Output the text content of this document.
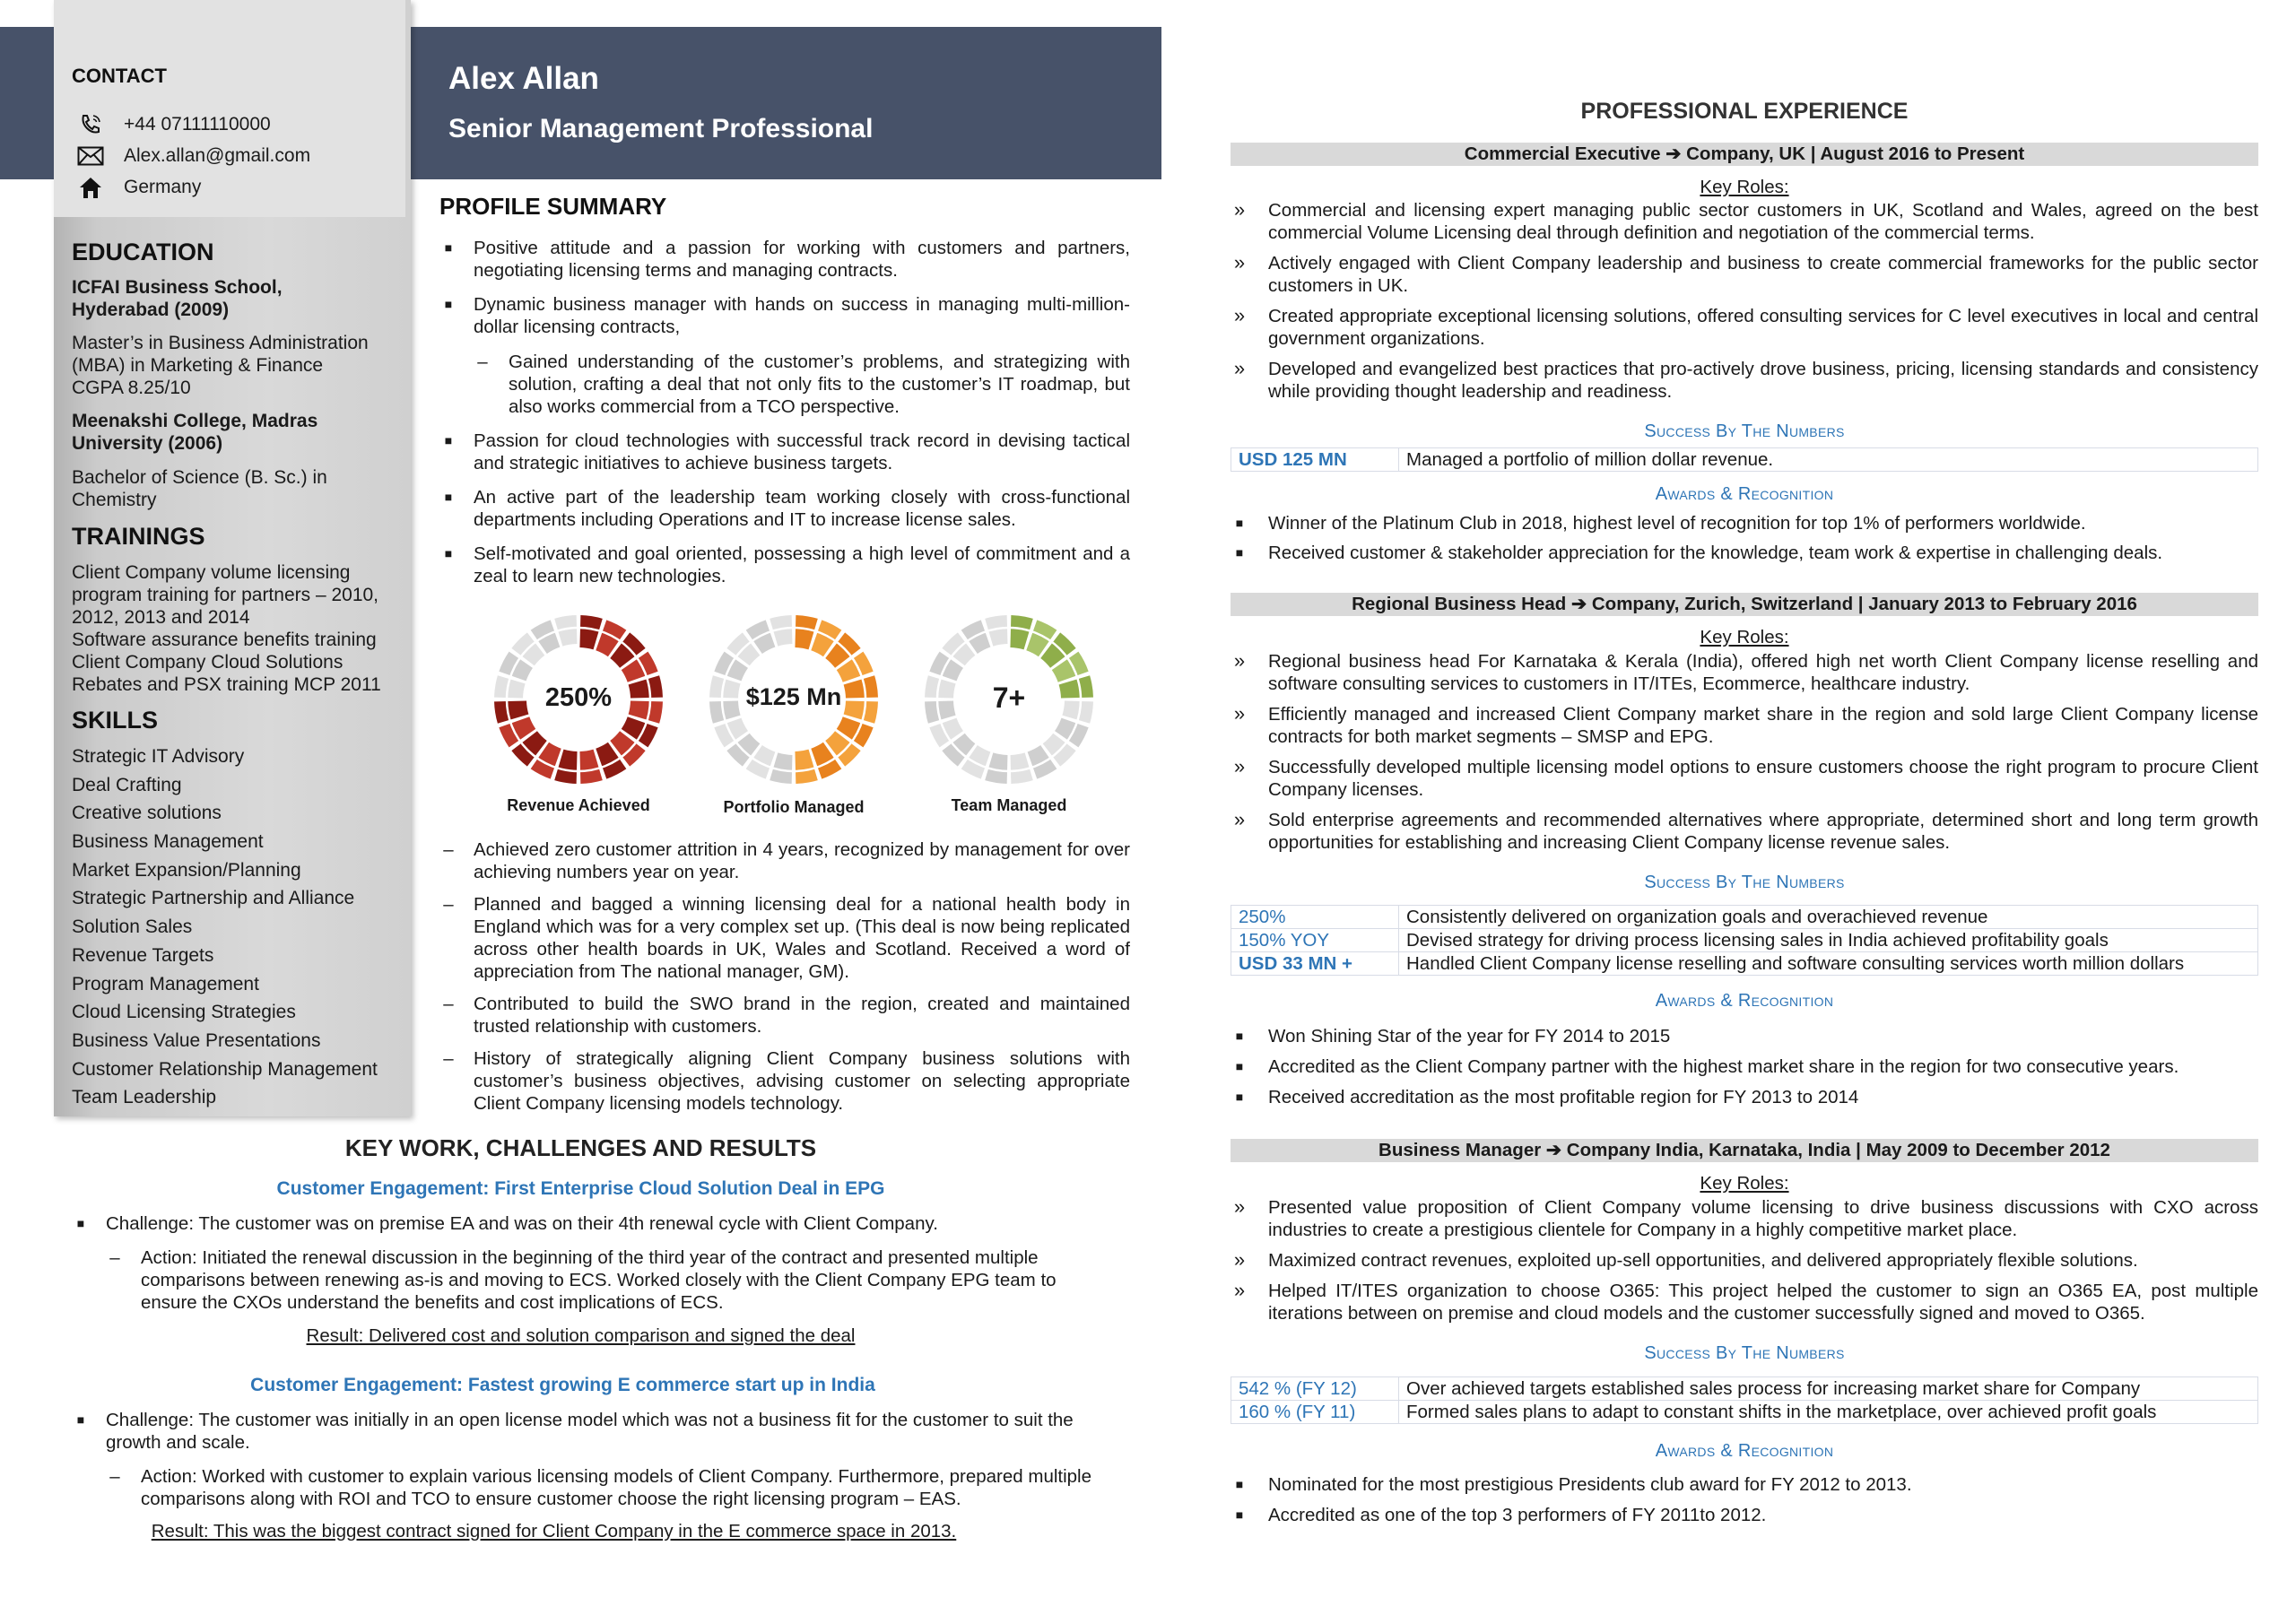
Alex Allan
Senior Management Professional
CONTACT
+44 07111110000
Alex.allan@gmail.com
Germany
EDUCATION
ICFAI Business School, Hyderabad (2009)
Master’s in Business Administration
(MBA) in Marketing & Finance
CGPA 8.25/10
Meenakshi College, Madras University (2006)
Bachelor of Science (B. Sc.) in
Chemistry
TRAININGS
Client Company volume licensing
program training for partners – 2010,
2012, 2013 and 2014
Software assurance benefits training
Client Company Cloud Solutions
Rebates and PSX training MCP 2011
SKILLS
Strategic IT Advisory
Deal Crafting
Creative solutions
Business Management
Market Expansion/Planning
Strategic Partnership and Alliance
Solution Sales
Revenue Targets
Program Management
Cloud Licensing Strategies
Business Value Presentations
Customer Relationship Management
Team Leadership
PROFILE SUMMARY
■ Positive attitude and a passion for working with customers and partners, negotiating licensing terms and managing contracts.
■ Dynamic business manager with hands on success in managing multi-million-dollar licensing contracts,
– Gained understanding of the customer’s problems, and strategizing with solution, crafting a deal that not only fits to the customer’s IT roadmap, but also works commercial from a TCO perspective.
■ Passion for cloud technologies with successful track record in devising tactical and strategic initiatives to achieve business targets.
■ An active part of the leadership team working closely with cross-functional departments including Operations and IT to increase license sales.
■ Self-motivated and goal oriented, possessing a high level of commitment and a zeal to learn new technologies.
250%	$125 Mn	7+
Revenue Achieved	Portfolio Managed	Team Managed
– Achieved zero customer attrition in 4 years, recognized by management for over achieving numbers year on year.
– Planned and bagged a winning licensing deal for a national health body in England which was for a very complex set up. (This deal is now being replicated across other health boards in UK, Wales and Scotland. Received a word of appreciation from The national manager, GM).
– Contributed to build the SWO brand in the region, created and maintained trusted relationship with customers.
– History of strategically aligning Client Company business solutions with customer’s business objectives, advising customer on selecting appropriate Client Company licensing models technology.
KEY WORK, CHALLENGES AND RESULTS
Customer Engagement: First Enterprise Cloud Solution Deal in EPG
■ Challenge: The customer was on premise EA and was on their 4th renewal cycle with Client Company.
– Action: Initiated the renewal discussion in the beginning of the third year of the contract and presented multiple comparisons between renewing as-is and moving to ECS. Worked closely with the Client Company EPG team to ensure the CXOs understand the benefits and cost implications of ECS.
Result: Delivered cost and solution comparison and signed the deal
Customer Engagement: Fastest growing E commerce start up in India
■ Challenge: The customer was initially in an open license model which was not a business fit for the customer to suit the growth and scale.
– Action: Worked with customer to explain various licensing models of Client Company. Furthermore, prepared multiple comparisons along with ROI and TCO to ensure customer choose the right licensing program – EAS.
Result: This was the biggest contract signed for Client Company in the E commerce space in 2013.
PROFESSIONAL EXPERIENCE
Commercial Executive ➔ Company, UK | August 2016 to Present
Key Roles:
» Commercial and licensing expert managing public sector customers in UK, Scotland and Wales, agreed on the best commercial Volume Licensing deal through definition and negotiation of the commercial terms.
» Actively engaged with Client Company leadership and business to create commercial frameworks for the public sector customers in UK.
» Created appropriate exceptional licensing solutions, offered consulting services for C level executives in local and central government organizations.
» Developed and evangelized best practices that pro-actively drove business, pricing, licensing standards and consistency while providing thought leadership and readiness.
Success By The Numbers
USD 125 MN	Managed a portfolio of million dollar revenue.
Awards & Recognition
■ Winner of the Platinum Club in 2018, highest level of recognition for top 1% of performers worldwide.
■ Received customer & stakeholder appreciation for the knowledge, team work & expertise in challenging deals.
Regional Business Head ➔ Company, Zurich, Switzerland | January 2013 to February 2016
Key Roles:
» Regional business head For Karnataka & Kerala (India), offered high net worth Client Company license reselling and software consulting services to customers in IT/ITEs, Ecommerce, healthcare industry.
» Efficiently managed and increased Client Company market share in the region and sold large Client Company license contracts for both market segments – SMSP and EPG.
» Successfully developed multiple licensing model options to ensure customers choose the right program to procure Client Company licenses.
» Sold enterprise agreements and recommended alternatives where appropriate, determined short and long term growth opportunities for establishing and increasing Client Company license revenue sales.
Success By The Numbers
250%	Consistently delivered on organization goals and overachieved revenue
150% YOY	Devised strategy for driving process licensing sales in India achieved profitability goals
USD 33 MN +	Handled Client Company license reselling and software consulting services worth million dollars
Awards & Recognition
■ Won Shining Star of the year for FY 2014 to 2015
■ Accredited as the Client Company partner with the highest market share in the region for two consecutive years.
■ Received accreditation as the most profitable region for FY 2013 to 2014
Business Manager ➔ Company India, Karnataka, India | May 2009 to December 2012
Key Roles:
» Presented value proposition of Client Company volume licensing to drive business discussions with CXO across industries to create a prestigious clientele for Company in a highly competitive market place.
» Maximized contract revenues, exploited up-sell opportunities, and delivered appropriately flexible solutions.
» Helped IT/ITES organization to choose O365: This project helped the customer to sign an O365 EA, post multiple iterations between on premise and cloud models and the customer successfully signed and moved to O365.
Success By The Numbers
542 % (FY 12)	Over achieved targets established sales process for increasing market share for Company
160 % (FY 11)	Formed sales plans to adapt to constant shifts in the marketplace, over achieved profit goals
Awards & Recognition
■ Nominated for the most prestigious Presidents club award for FY 2012 to 2013.
■ Accredited as one of the top 3 performers of FY 2011to 2012.
